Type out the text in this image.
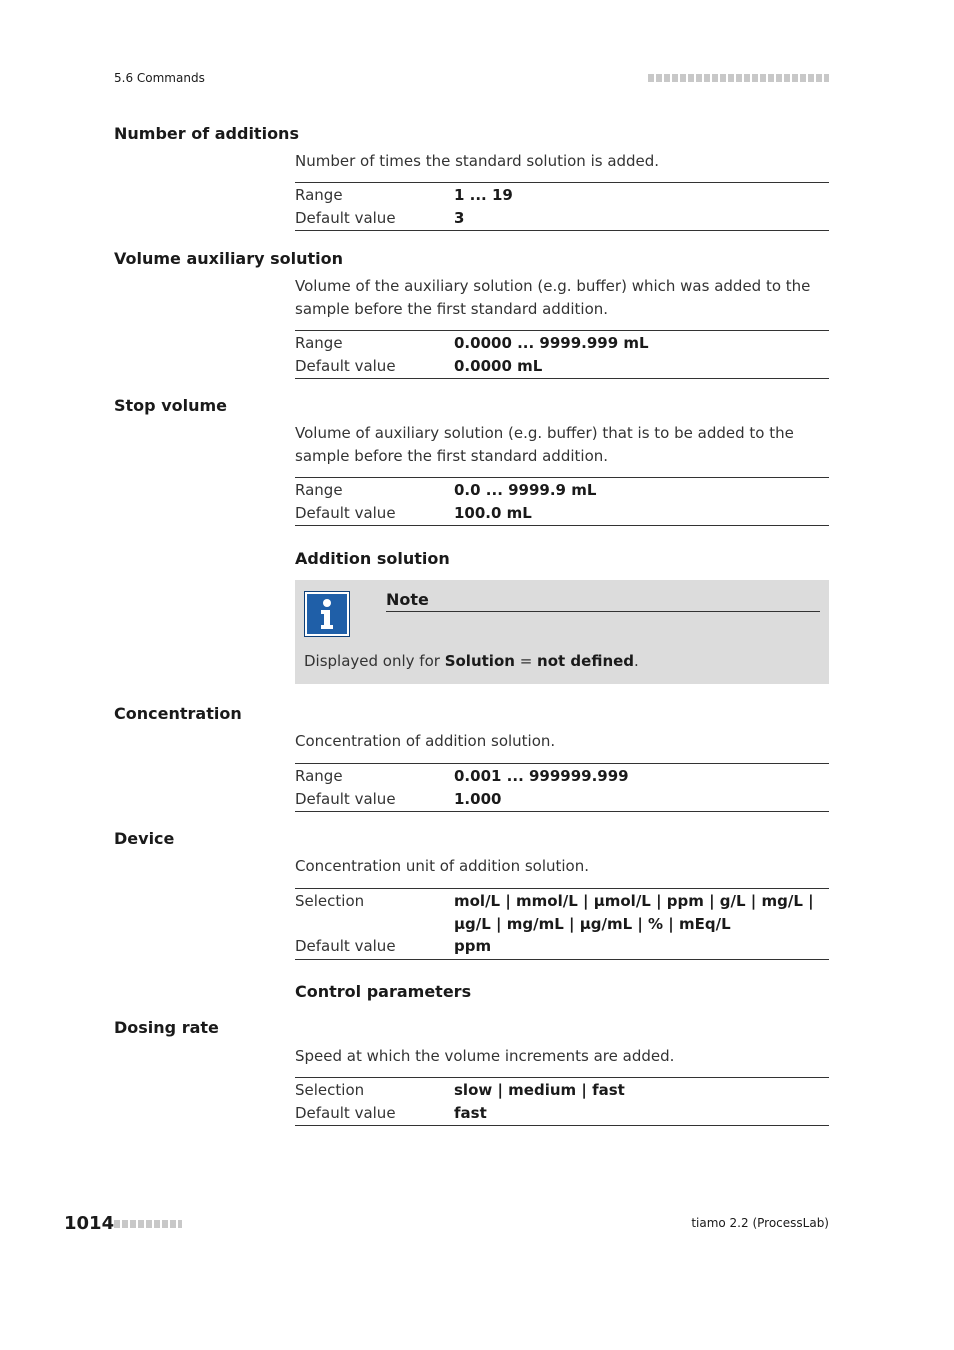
5.6 Commands
Number of additions
Number of times the standard solution is added.
Range	1 ... 19
Default value	3
Volume auxiliary solution
Volume of the auxiliary solution (e.g. buffer) which was added to the sample before the first standard addition.
Range	0.0000 ... 9999.999 mL
Default value	0.0000 mL
Stop volume
Volume of auxiliary solution (e.g. buffer) that is to be added to the sample before the first standard addition.
Range	0.0 ... 9999.9 mL
Default value	100.0 mL
Addition solution
Note
Displayed only for Solution = not defined.
Concentration
Concentration of addition solution.
Range	0.001 ... 999999.999
Default value	1.000
Device
Concentration unit of addition solution.
Selection	mol/L | mmol/L | µmol/L | ppm | g/L | mg/L |
µg/L | mg/mL | µg/mL | % | mEq/L
Default value	ppm
Control parameters
Dosing rate
Speed at which the volume increments are added.
Selection	slow | medium | fast
Default value	fast
1014	tiamo 2.2 (ProcessLab)
